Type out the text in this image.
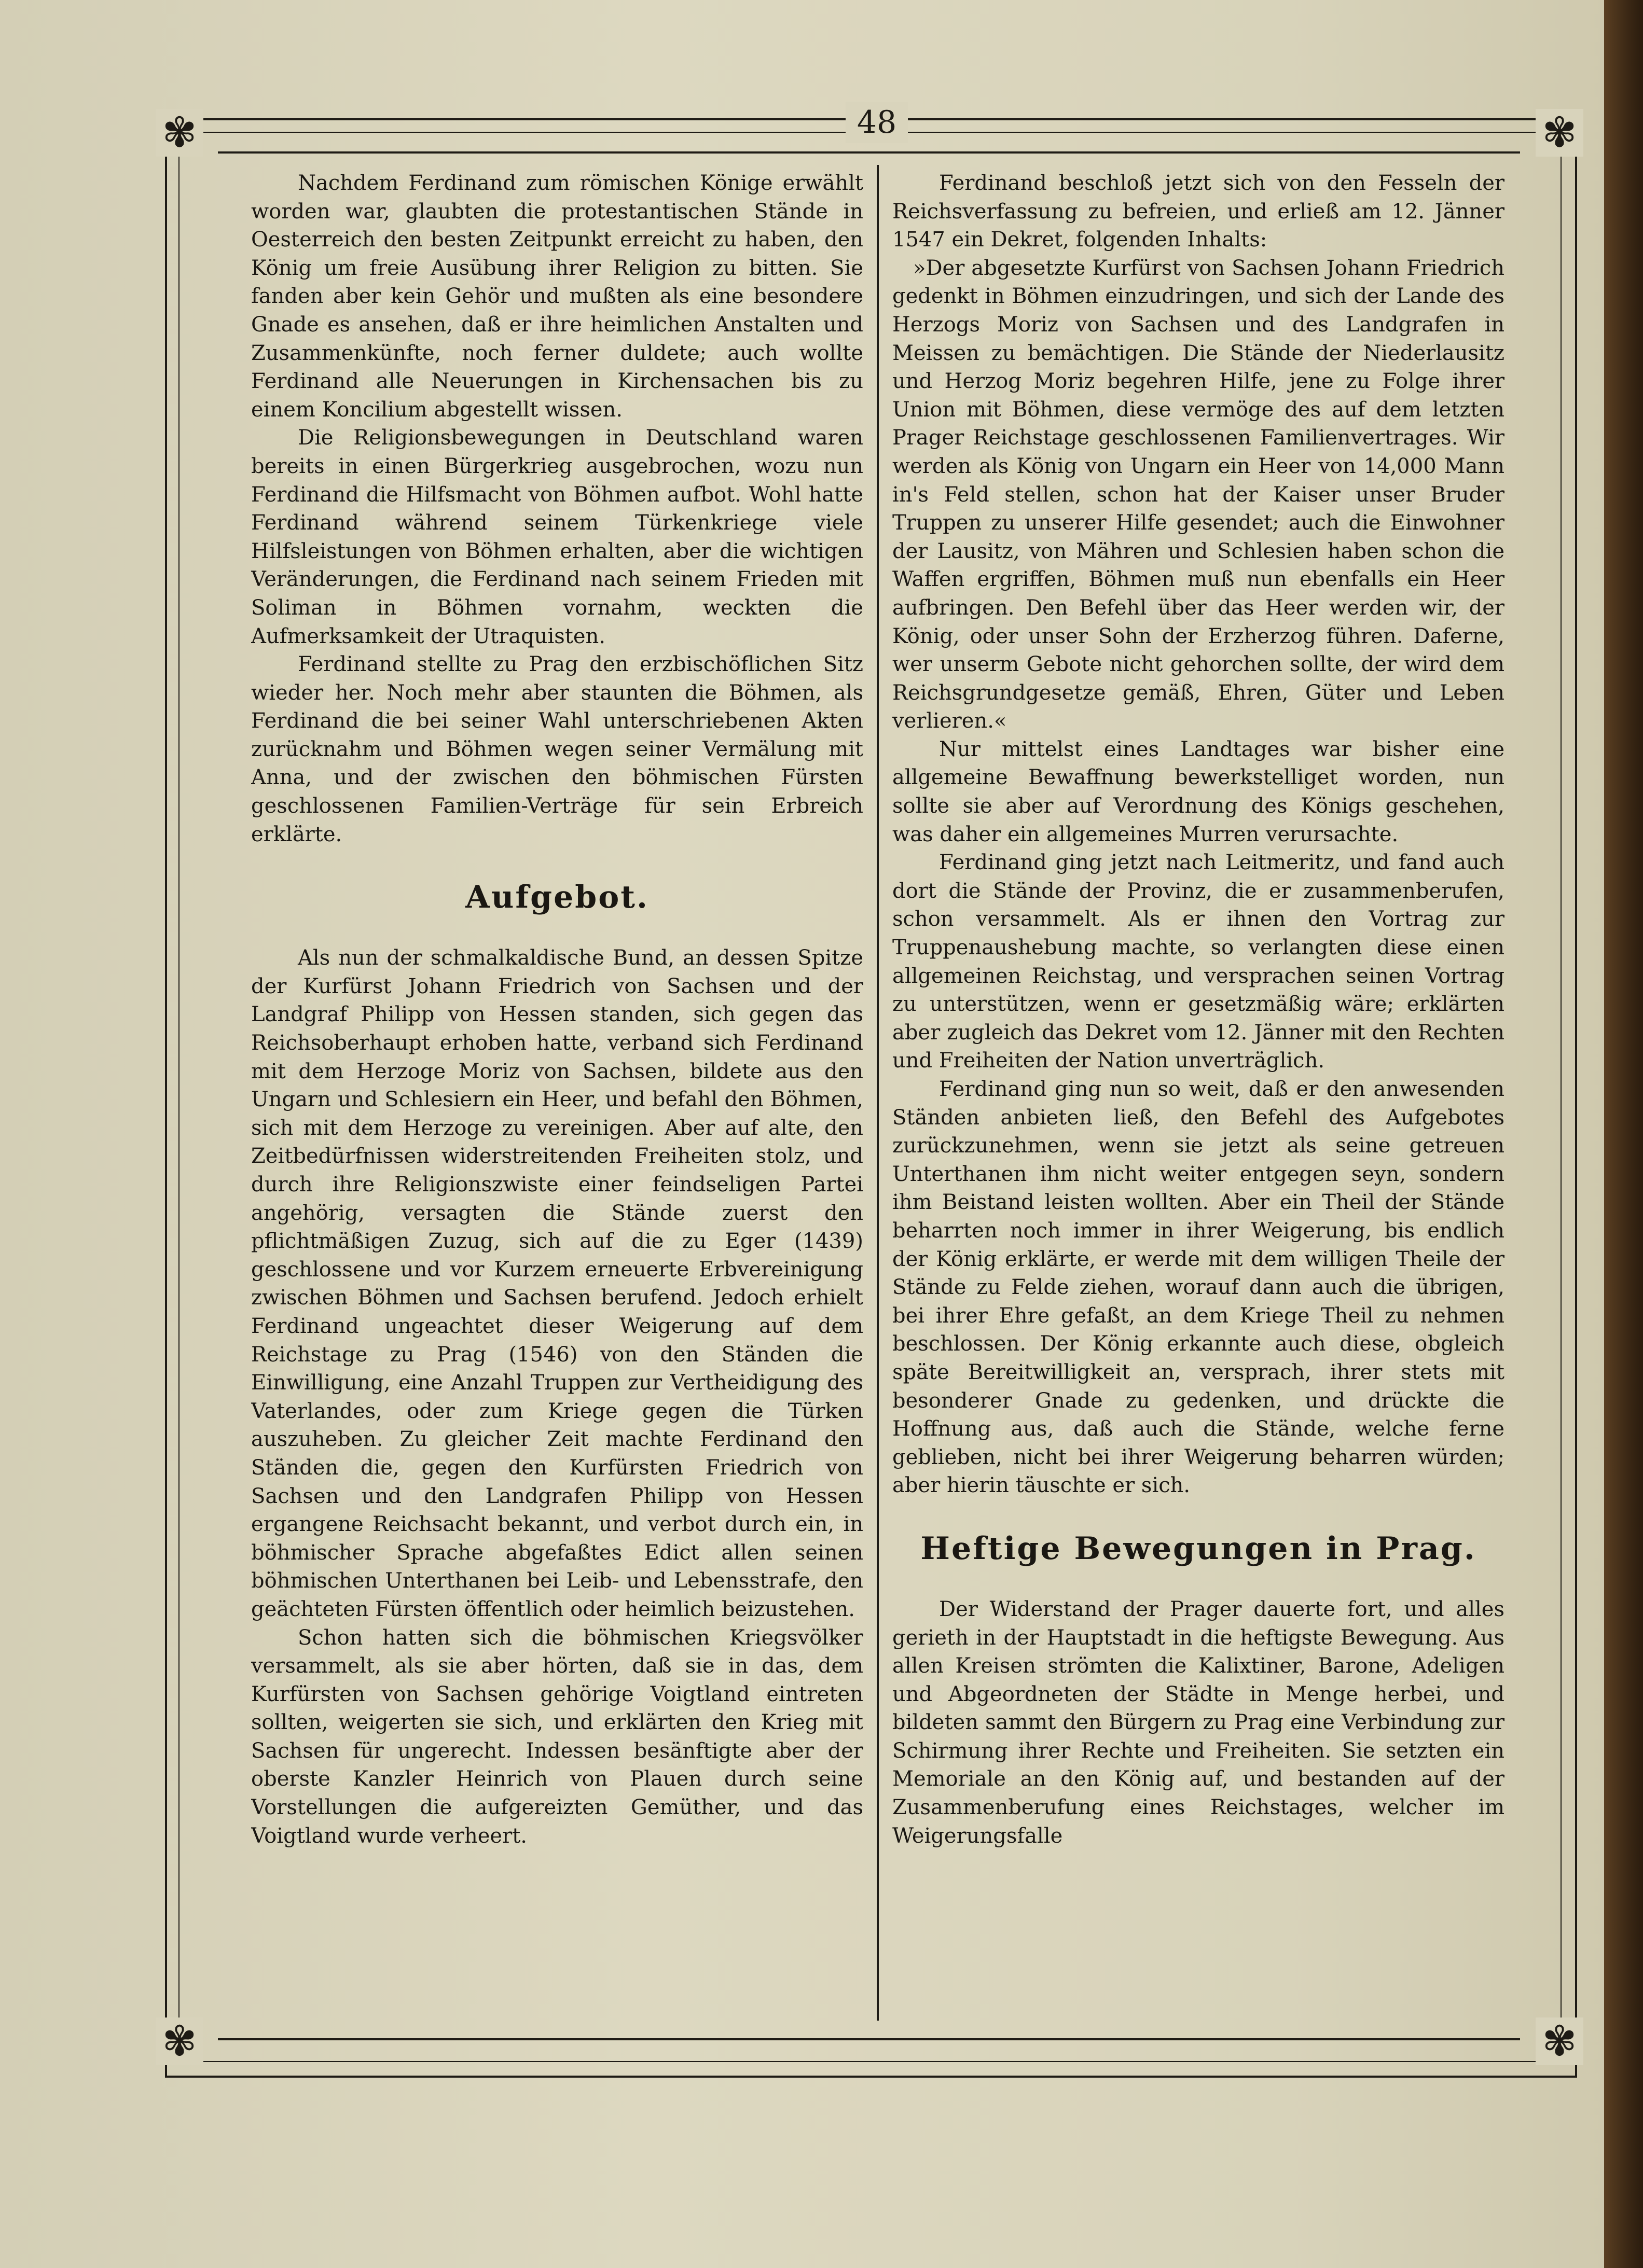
✾	✾
✾	✾
48

Nachdem Ferdinand zum römischen Könige erwählt worden war, glaubten die protestantischen Stände in Oesterreich den besten Zeitpunkt erreicht zu haben, den König um freie Ausübung ihrer Religion zu bitten. Sie fanden aber kein Gehör und mußten als eine besondere Gnade es ansehen, daß er ihre heimlichen Anstalten und Zusammenkünfte, noch ferner duldete; auch wollte Ferdinand alle Neuerungen in Kirchensachen bis zu einem Koncilium abgestellt wissen.

Die Religionsbewegungen in Deutschland waren bereits in einen Bürgerkrieg ausgebrochen, wozu nun Ferdinand die Hilfsmacht von Böhmen aufbot. Wohl hatte Ferdinand während seinem Türkenkriege viele Hilfsleistungen von Böhmen erhalten, aber die wichtigen Veränderungen, die Ferdinand nach seinem Frieden mit Soliman in Böhmen vornahm, weckten die Aufmerksamkeit der Utraquisten.

Ferdinand stellte zu Prag den erzbischöflichen Sitz wieder her. Noch mehr aber staunten die Böhmen, als Ferdinand die bei seiner Wahl unterschriebenen Akten zurücknahm und Böhmen wegen seiner Vermälung mit Anna, und der zwischen den böhmischen Fürsten geschlossenen Familien-Verträge für sein Erbreich erklärte.

Aufgebot.

Als nun der schmalkaldische Bund, an dessen Spitze der Kurfürst Johann Friedrich von Sachsen und der Landgraf Philipp von Hessen standen, sich gegen das Reichsoberhaupt erhoben hatte, verband sich Ferdinand mit dem Herzoge Moriz von Sachsen, bildete aus den Ungarn und Schlesiern ein Heer, und befahl den Böhmen, sich mit dem Herzoge zu vereinigen. Aber auf alte, den Zeitbedürfnissen widerstreitenden Freiheiten stolz, und durch ihre Religionszwiste einer feindseligen Partei angehörig, versagten die Stände zuerst den pflichtmäßigen Zuzug, sich auf die zu Eger (1439) geschlossene und vor Kurzem erneuerte Erbvereinigung zwischen Böhmen und Sachsen berufend. Jedoch erhielt Ferdinand ungeachtet dieser Weigerung auf dem Reichstage zu Prag (1546) von den Ständen die Einwilligung, eine Anzahl Truppen zur Vertheidigung des Vaterlandes, oder zum Kriege gegen die Türken auszuheben. Zu gleicher Zeit machte Ferdinand den Ständen die, gegen den Kurfürsten Friedrich von Sachsen und den Landgrafen Philipp von Hessen ergangene Reichsacht bekannt, und verbot durch ein, in böhmischer Sprache abgefaßtes Edict allen seinen böhmischen Unterthanen bei Leib- und Lebensstrafe, den geächteten Fürsten öffentlich oder heimlich beizustehen.

Schon hatten sich die böhmischen Kriegsvölker versammelt, als sie aber hörten, daß sie in das, dem Kurfürsten von Sachsen gehörige Voigtland eintreten sollten, weigerten sie sich, und erklärten den Krieg mit Sachsen für ungerecht. Indessen besänftigte aber der oberste Kanzler Heinrich von Plauen durch seine Vorstellungen die aufgereizten Gemüther, und das Voigtland wurde verheert.

Ferdinand beschloß jetzt sich von den Fesseln der Reichsverfassung zu befreien, und erließ am 12. Jänner 1547 ein Dekret, folgenden Inhalts:

»Der abgesetzte Kurfürst von Sachsen Johann Friedrich gedenkt in Böhmen einzudringen, und sich der Lande des Herzogs Moriz von Sachsen und des Landgrafen in Meissen zu bemächtigen. Die Stände der Niederlausitz und Herzog Moriz begehren Hilfe, jene zu Folge ihrer Union mit Böhmen, diese vermöge des auf dem letzten Prager Reichstage geschlossenen Familienvertrages. Wir werden als König von Ungarn ein Heer von 14,000 Mann in's Feld stellen, schon hat der Kaiser unser Bruder Truppen zu unserer Hilfe gesendet; auch die Einwohner der Lausitz, von Mähren und Schlesien haben schon die Waffen ergriffen, Böhmen muß nun ebenfalls ein Heer aufbringen. Den Befehl über das Heer werden wir, der König, oder unser Sohn der Erzherzog führen. Daferne, wer unserm Gebote nicht gehorchen sollte, der wird dem Reichsgrundgesetze gemäß, Ehren, Güter und Leben verlieren.«

Nur mittelst eines Landtages war bisher eine allgemeine Bewaffnung bewerkstelliget worden, nun sollte sie aber auf Verordnung des Königs geschehen, was daher ein allgemeines Murren verursachte.

Ferdinand ging jetzt nach Leitmeritz, und fand auch dort die Stände der Provinz, die er zusammenberufen, schon versammelt. Als er ihnen den Vortrag zur Truppenaushebung machte, so verlangten diese einen allgemeinen Reichstag, und versprachen seinen Vortrag zu unterstützen, wenn er gesetzmäßig wäre; erklärten aber zugleich das Dekret vom 12. Jänner mit den Rechten und Freiheiten der Nation unverträglich.

Ferdinand ging nun so weit, daß er den anwesenden Ständen anbieten ließ, den Befehl des Aufgebotes zurückzunehmen, wenn sie jetzt als seine getreuen Unterthanen ihm nicht weiter entgegen seyn, sondern ihm Beistand leisten wollten. Aber ein Theil der Stände beharrten noch immer in ihrer Weigerung, bis endlich der König erklärte, er werde mit dem willigen Theile der Stände zu Felde ziehen, worauf dann auch die übrigen, bei ihrer Ehre gefaßt, an dem Kriege Theil zu nehmen beschlossen. Der König erkannte auch diese, obgleich späte Bereitwilligkeit an, versprach, ihrer stets mit besonderer Gnade zu gedenken, und drückte die Hoffnung aus, daß auch die Stände, welche ferne geblieben, nicht bei ihrer Weigerung beharren würden; aber hierin täuschte er sich.

Heftige Bewegungen in Prag.

Der Widerstand der Prager dauerte fort, und alles gerieth in der Hauptstadt in die heftigste Bewegung. Aus allen Kreisen strömten die Kalixtiner, Barone, Adeligen und Abgeordneten der Städte in Menge herbei, und bildeten sammt den Bürgern zu Prag eine Verbindung zur Schirmung ihrer Rechte und Freiheiten. Sie setzten ein Memoriale an den König auf, und bestanden auf der Zusammenberufung eines Reichstages, welcher im Weigerungsfalle
